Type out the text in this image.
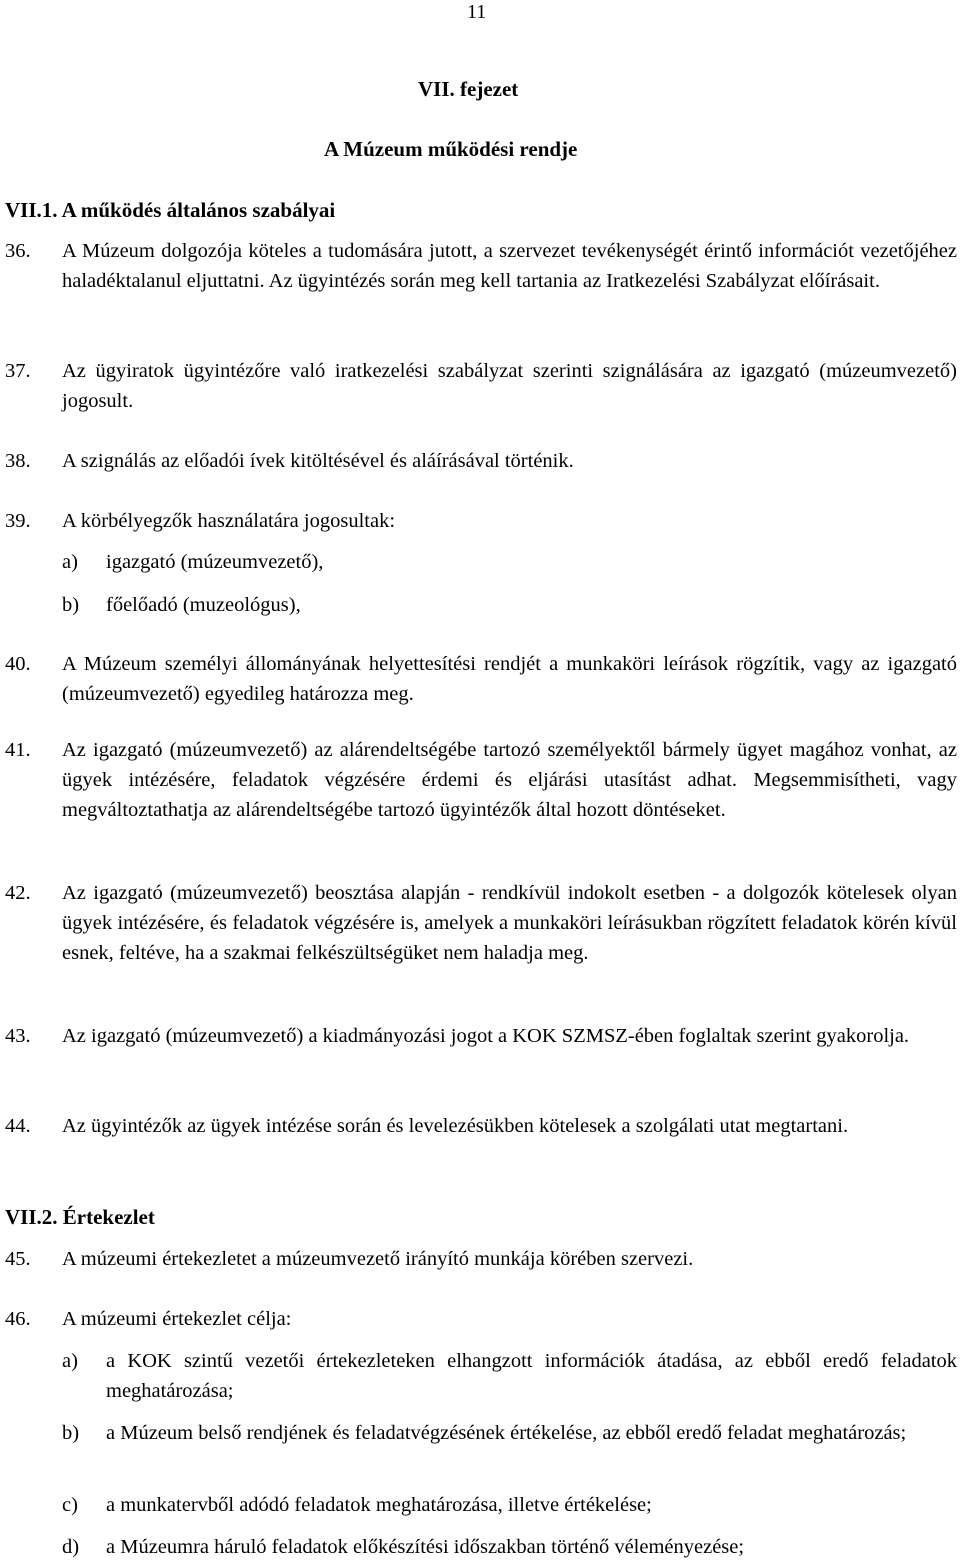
11
VII. fejezet
A Múzeum működési rendje
VII.1. A működés általános szabályai
36. A Múzeum dolgozója köteles a tudomására jutott, a szervezet tevékenységét érintő információt vezetőjéhez haladéktalanul eljuttatni. Az ügyintézés során meg kell tartania az Iratkezelési Szabályzat előírásait.
37. Az ügyiratok ügyintézőre való iratkezelési szabályzat szerinti szignálására az igazgató (múzeumvezető) jogosult.
38. A szignálás az előadói ívek kitöltésével és aláírásával történik.
39. A körbélyegzők használatára jogosultak:
a) igazgató (múzeumvezető),
b) főelőadó (muzeológus),
40. A Múzeum személyi állományának helyettesítési rendjét a munkaköri leírások rögzítik, vagy az igazgató (múzeumvezető) egyedileg határozza meg.
41. Az igazgató (múzeumvezető) az alárendeltségébe tartozó személyektől bármely ügyet magához vonhat, az ügyek intézésére, feladatok végzésére érdemi és eljárási utasítást adhat. Megsemmisítheti, vagy megváltoztathatja az alárendeltségébe tartozó ügyintézők által hozott döntéseket.
42. Az igazgató (múzeumvezető) beosztása alapján - rendkívül indokolt esetben - a dolgozók kötelesek olyan ügyek intézésére, és feladatok végzésére is, amelyek a munkaköri leírásukban rögzített feladatok körén kívül esnek, feltéve, ha a szakmai felkészültségüket nem haladja meg.
43. Az igazgató (múzeumvezető) a kiadmányozási jogot a KOK SZMSZ-ében foglaltak szerint gyakorolja.
44. Az ügyintézők az ügyek intézése során és levelezésükben kötelesek a szolgálati utat megtartani.
VII.2. Értekezlet
45. A múzeumi értekezletet a múzeumvezető irányító munkája körében szervezi.
46. A múzeumi értekezlet célja:
a) a KOK szintű vezetői értekezleteken elhangzott információk átadása, az ebből eredő feladatok meghatározása;
b) a Múzeum belső rendjének és feladatvégzésének értékelése, az ebből eredő feladat meghatározás;
c) a munkatervből adódó feladatok meghatározása, illetve értékelése;
d) a Múzeumra háruló feladatok előkészítési időszakban történő véleményezése;
